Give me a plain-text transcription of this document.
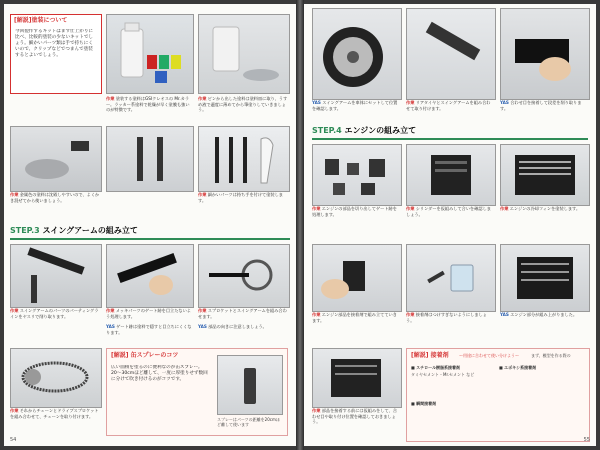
[解説]塗装について
今回製作するキットはまず仕上がりに比べ、比較的塗装の少ないキットでしょう。細かいパーツ類は手で持ちにくいので、クリップなどでつまんで塗装するとよいでしょう。
作業 塗装する塗料はGSIクレオスの Mr.カラー。ラッカー系塗料で乾燥が早く塗膜も強いのが特徴です。
作業 ビンから出した塗料は塗料皿に取り、うすめ液で適度に薄めてから筆塗りしていきましょう。
作業 金属色の塗料は沈殿しやすいので、よくかき混ぜてから使いましょう。
作業 細かいパーツは持ち手を付けて塗装します。
STEP.3 スイングアームの組み立て
作業 スイングアームのパーツのパーティングラインをヤスリで削り取ります。
作業 メッキパーツのゲート跡を目立たないよう処理します。
作業 スプロケットとスイングアームを組み合わせます。
YAS ゲート跡は塗料で隠すと目立ちにくくなります。
YAS 部品の向きに注意しましょう。
[解説] 缶スプレーのコツ
広い面積を塗るのに便利なのが缶スプレー。20〜30cmほど離して、一度に厚塗りせず数回に分けて吹き付けるのがコツです。
スプレーはパーツの距離を20cmほど離して使います
作業 それからチェーンとドライブスプロケットを組み合わせて、チェーンを取り付けます。
54
YAS スイングアームを車体にセットして位置を確認します。
作業 リアタイヤとスイングアームを組み合わせて取り付けます。
YAS 合わせ目を接着して段差を削り取ります。
STEP.4 エンジンの組み立て
作業 エンジンの部品を切り出してゲート跡を処理します。
作業 シリンダーを仮組みして合いを確認しましょう。
作業 エンジンの冷却フィンを塗装します。
作業 エンジン部品を接着剤で組み立てていきます。
作業 接着剤はつけすぎないようにしましょう。
YAS エンジン部分が組み上がりました。
[解説] 接着剤	〜用途に合わせて使い分けよう〜	まず、模型を作る際の
■ スチロール樹脂系接着剤
タミヤセメント・Mr.セメント など
■ 瞬間接着剤
■ エポキシ系接着剤
作業 部品を接着する前には仮組みをして、合わせ目や取り付け位置を確認しておきましょう。
55
